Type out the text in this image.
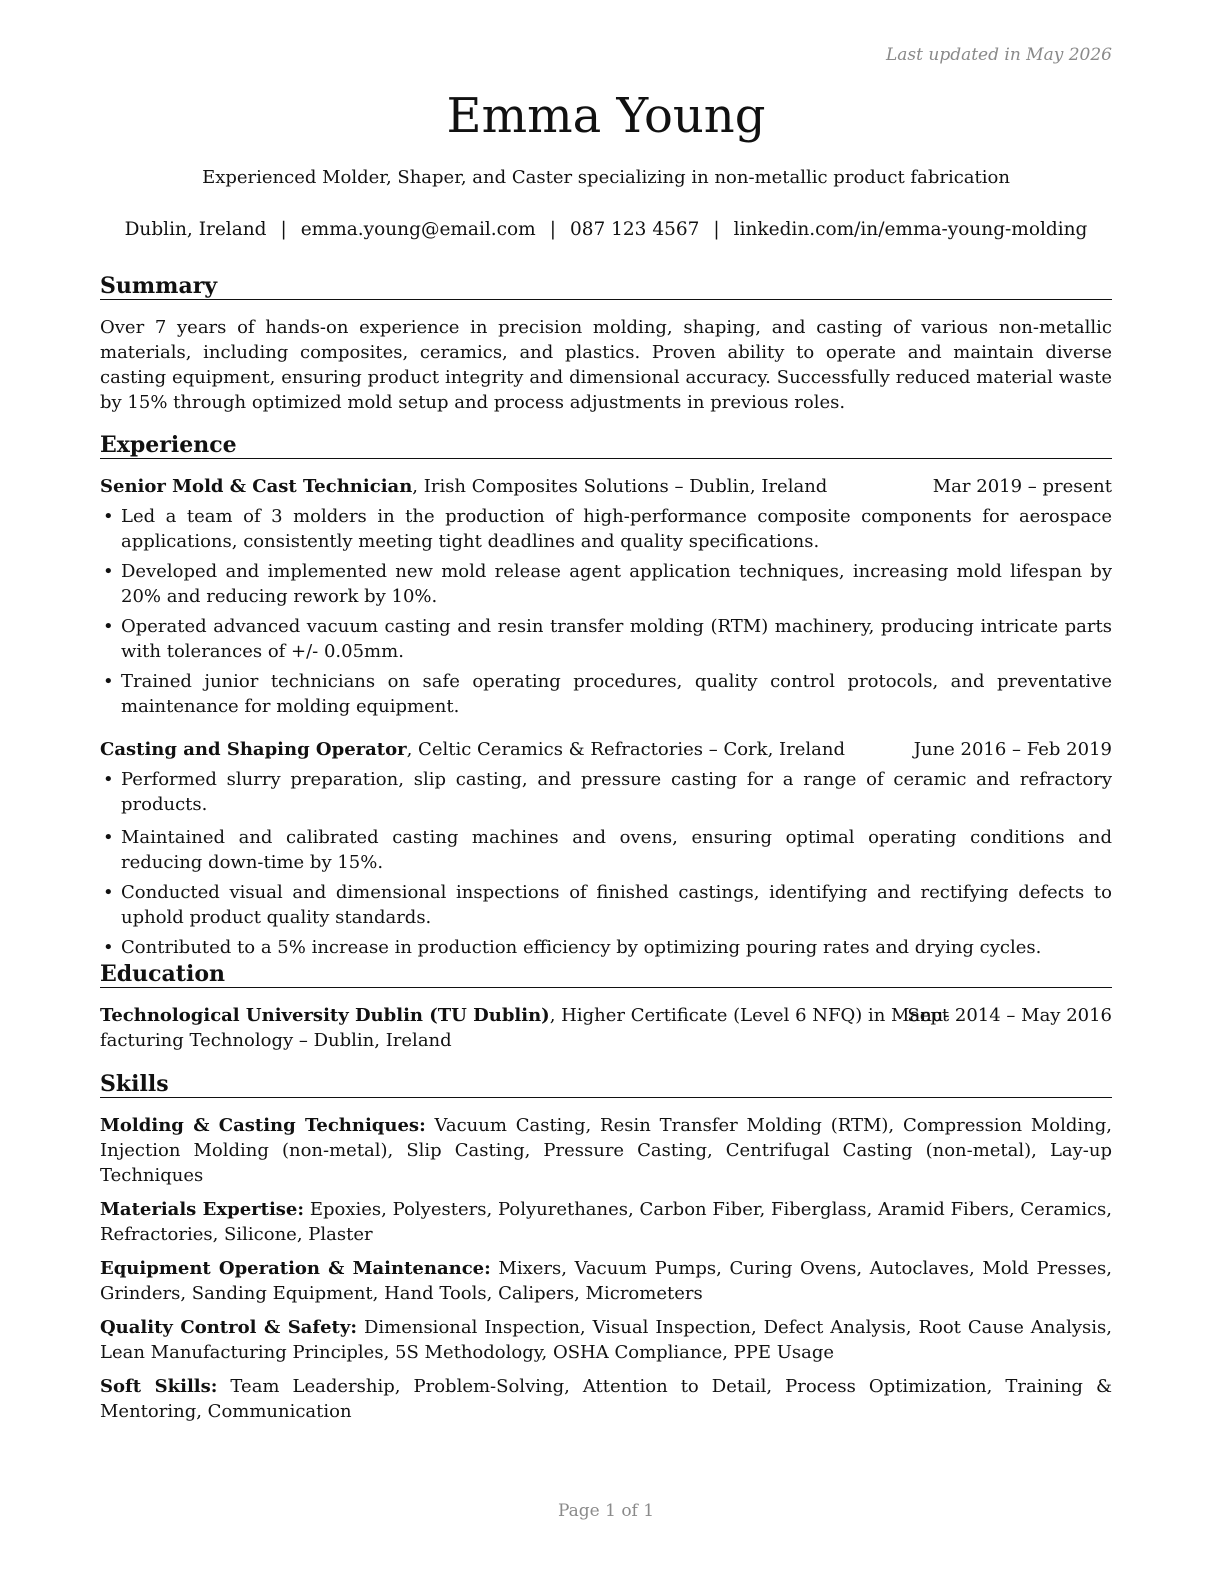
Last updated in May 2026
Emma Young

Experienced Molder, Shaper, and Caster specializing in non-metallic product fabrication

Dublin, Ireland | emma.young@email.com | 087 123 4567 | linkedin.com/in/emma-young-molding
Summary
Over 7 years of hands-on experience in precision molding, shaping, and casting of various non-metallic materials, including composites, ceramics, and plastics. Proven ability to operate and maintain diverse casting equipment, ensuring product integrity and dimensional accuracy. Successfully reduced material waste by 15% through optimized mold setup and process adjustments in previous roles.
Experience
Senior Mold & Cast Technician, Irish Composites Solutions – Dublin, Ireland	Mar 2019 – present
• Led a team of 3 molders in the production of high-performance composite components for aerospace applications, consistently meeting tight deadlines and quality specifications.
• Developed and implemented new mold release agent application techniques, increasing mold lifespan by 20% and reducing rework by 10%.
• Operated advanced vacuum casting and resin transfer molding (RTM) machinery, producing intricate parts with tolerances of +/- 0.05mm.
• Trained junior technicians on safe operating procedures, quality control protocols, and preventative maintenance for molding equipment.
Casting and Shaping Operator, Celtic Ceramics & Refractories – Cork, Ireland	June 2016 – Feb 2019
• Performed slurry preparation, slip casting, and pressure casting for a range of ceramic and refractory products.
• Maintained and calibrated casting machines and ovens, ensuring optimal operating conditions and reducing down-time by 15%.
• Conducted visual and dimensional inspections of finished castings, identifying and rectifying defects to uphold product quality standards.
• Contributed to a 5% increase in production efficiency by optimizing pouring rates and drying cycles.
Education
Technological University Dublin (TU Dublin), Higher Certificate (Level 6 NFQ) in Manu-
facturing Technology – Dublin, Ireland
Sept 2014 – May 2016
Skills
Molding & Casting Techniques: Vacuum Casting, Resin Transfer Molding (RTM), Compression Molding, Injection Molding (non-metal), Slip Casting, Pressure Casting, Centrifugal Casting (non-metal), Lay-up Techniques
Materials Expertise: Epoxies, Polyesters, Polyurethanes, Carbon Fiber, Fiberglass, Aramid Fibers, Ceramics, Refractories, Silicone, Plaster
Equipment Operation & Maintenance: Mixers, Vacuum Pumps, Curing Ovens, Autoclaves, Mold Presses, Grinders, Sanding Equipment, Hand Tools, Calipers, Micrometers
Quality Control & Safety: Dimensional Inspection, Visual Inspection, Defect Analysis, Root Cause Analysis, Lean Manufacturing Principles, 5S Methodology, OSHA Compliance, PPE Usage
Soft Skills: Team Leadership, Problem-Solving, Attention to Detail, Process Optimization, Training & Mentoring, Communication
Page 1 of 1
